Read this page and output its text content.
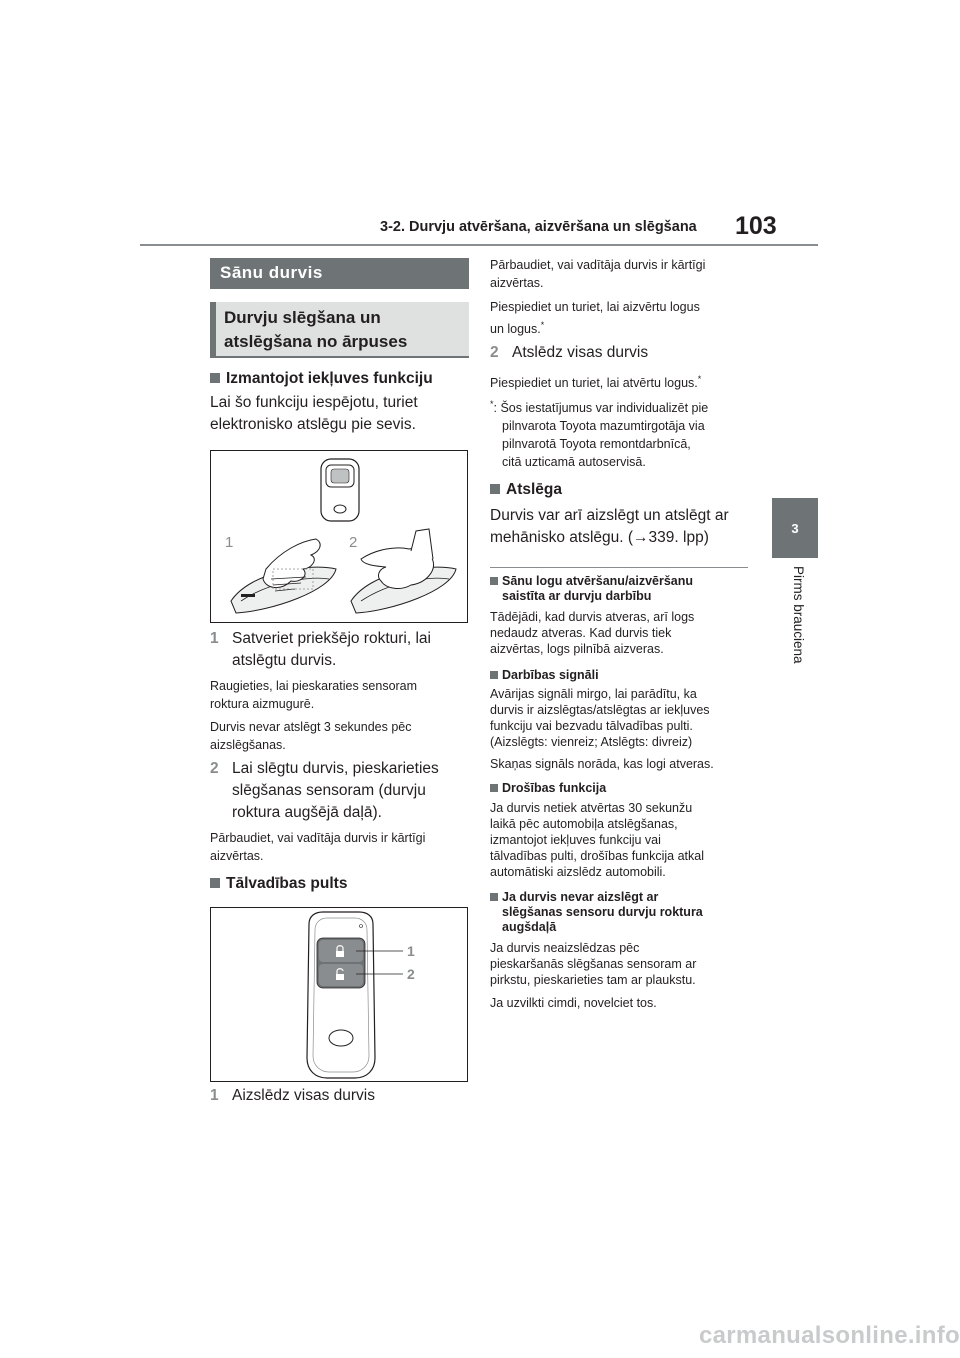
3-2. Durvju atvēršana, aizvēršana un slēgšana 103
3
Pirms brauciena
Sānu durvis
Durvju slēgšana un
atslēgšana no ārpuses
Izmantojot iekļuves funkciju
Lai šo funkciju iespējotu, turiet
elektronisko atslēgu pie sevis.
1	2
1 Satveriet priekšējo rokturi, lai
atslēgtu durvis.
Raugieties, lai pieskaraties sensoram
roktura aizmugurē.
Durvis nevar atslēgt 3 sekundes pēc
aizslēgšanas.
2 Lai slēgtu durvis, pieskarieties
slēgšanas sensoram (durvju
roktura augšējā daļā).
Pārbaudiet, vai vadītāja durvis ir kārtīgi
aizvērtas.
Tālvadības pults
1
2
1 Aizslēdz visas durvis
Pārbaudiet, vai vadītāja durvis ir kārtīgi
aizvērtas.
Piespiediet un turiet, lai aizvērtu logus
un logus.*
2 Atslēdz visas durvis
Piespiediet un turiet, lai atvērtu logus.*
*: Šos iestatījumus var individualizēt pie
pilnvarota Toyota mazumtirgotāja via
pilnvarotā Toyota remontdarbnīcā,
citā uzticamā autoservisā.
Atslēga
Durvis var arī aizslēgt un atslēgt ar
mehānisko atslēgu. (→339. lpp)
Sānu logu atvēršanu/aizvēršanu
saistīta ar durvju darbību
Tādējādi, kad durvis atveras, arī logs
nedaudz atveras. Kad durvis tiek
aizvērtas, logs pilnībā aizveras.
Darbības signāli
Avārijas signāli mirgo, lai parādītu, ka
durvis ir aizslēgtas/atslēgtas ar iekļuves
funkciju vai bezvadu tālvadības pulti.
(Aizslēgts: vienreiz; Atslēgts: divreiz)
Skaņas signāls norāda, kas logi atveras.
Drošības funkcija
Ja durvis netiek atvērtas 30 sekunžu
laikā pēc automobiļa atslēgšanas,
izmantojot iekļuves funkciju vai
tālvadības pulti, drošības funkcija atkal
automātiski aizslēdz automobili.
Ja durvis nevar aizslēgt ar
slēgšanas sensoru durvju roktura
augšdaļā
Ja durvis neaizslēdzas pēc
pieskaršanās slēgšanas sensoram ar
pirkstu, pieskarieties tam ar plaukstu.
Ja uzvilkti cimdi, novelciet tos.
carmanualsonline.info
